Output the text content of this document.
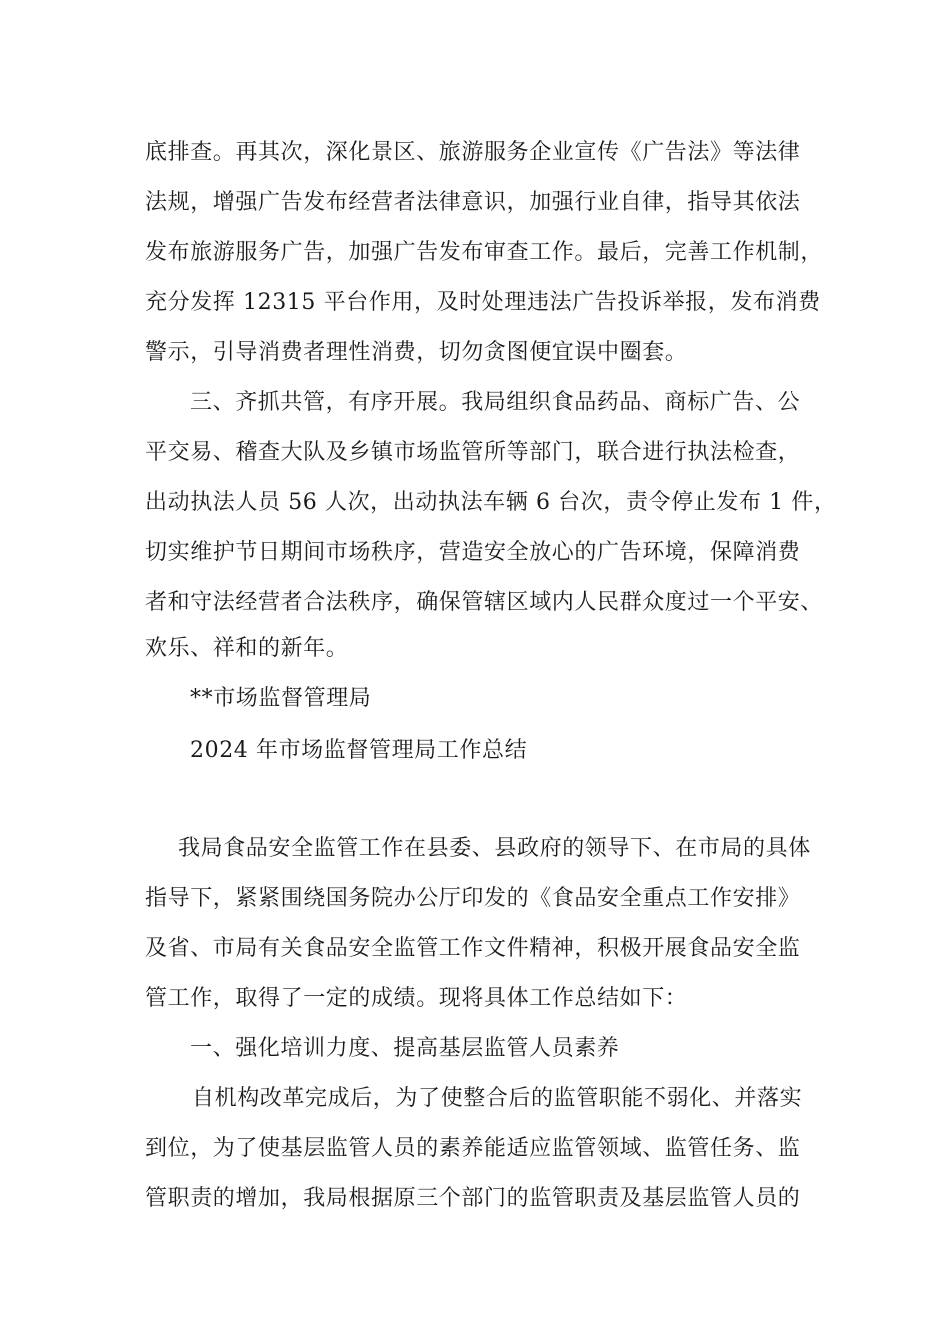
底排查。再其次，深化景区、旅游服务企业宣传《广告法》等法律
法规，增强广告发布经营者法律意识，加强行业自律，指导其依法
发布旅游服务广告，加强广告发布审查工作。最后，完善工作机制，
充分发挥 12315 平台作用，及时处理违法广告投诉举报，发布消费
警示，引导消费者理性消费，切勿贪图便宜误中圈套。
三、齐抓共管，有序开展。我局组织食品药品、商标广告、公
平交易、稽查大队及乡镇市场监管所等部门，联合进行执法检查，
出动执法人员 56 人次，出动执法车辆 6 台次，责令停止发布 1 件，
切实维护节日期间市场秩序，营造安全放心的广告环境，保障消费
者和守法经营者合法秩序，确保管辖区域内人民群众度过一个平安、
欢乐、祥和的新年。
**市场监督管理局
2024 年市场监督管理局工作总结
我局食品安全监管工作在县委、县政府的领导下、在市局的具体
指导下，紧紧围绕国务院办公厅印发的《食品安全重点工作安排》
及省、市局有关食品安全监管工作文件精神，积极开展食品安全监
管工作，取得了一定的成绩。现将具体工作总结如下：
一、强化培训力度、提高基层监管人员素养
自机构改革完成后，为了使整合后的监管职能不弱化、并落实
到位，为了使基层监管人员的素养能适应监管领域、监管任务、监
管职责的增加，我局根据原三个部门的监管职责及基层监管人员的
